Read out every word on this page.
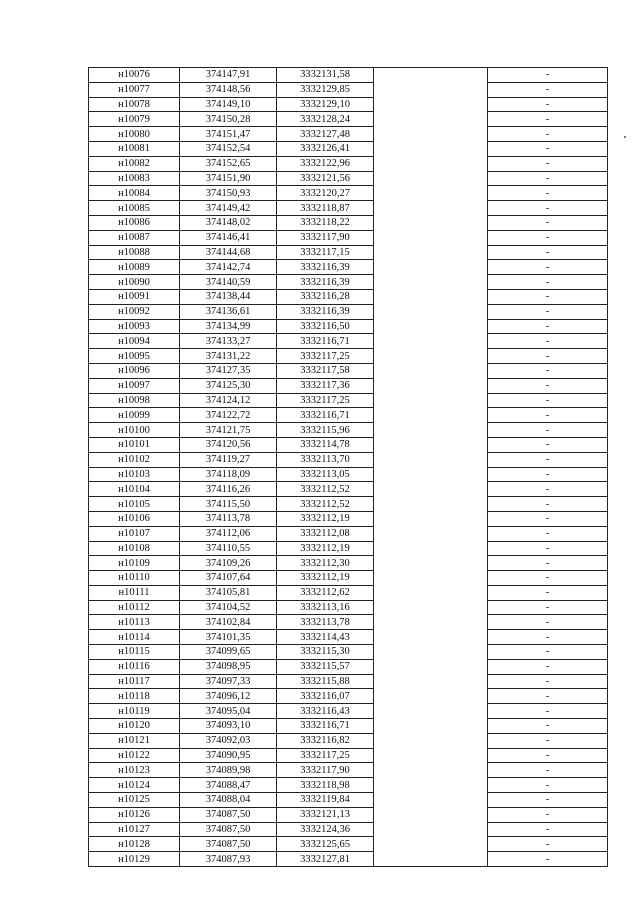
н10076	374147,91	3332131,58		-
н10077	374148,56	3332129,85		-
н10078	374149,10	3332129,10		-
н10079	374150,28	3332128,24		-
н10080	374151,47	3332127,48		-
н10081	374152,54	3332126,41		-
н10082	374152,65	3332122,96		-
н10083	374151,90	3332121,56		-
н10084	374150,93	3332120,27		-
н10085	374149,42	3332118,87		-
н10086	374148,02	3332118,22		-
н10087	374146,41	3332117,90		-
н10088	374144,68	3332117,15		-
н10089	374142,74	3332116,39		-
н10090	374140,59	3332116,39		-
н10091	374138,44	3332116,28		-
н10092	374136,61	3332116,39		-
н10093	374134,99	3332116,50		-
н10094	374133,27	3332116,71		-
н10095	374131,22	3332117,25		-
н10096	374127,35	3332117,58		-
н10097	374125,30	3332117,36		-
н10098	374124,12	3332117,25		-
н10099	374122,72	3332116,71		-
н10100	374121,75	3332115,96		-
н10101	374120,56	3332114,78		-
н10102	374119,27	3332113,70		-
н10103	374118,09	3332113,05		-
н10104	374116,26	3332112,52		-
н10105	374115,50	3332112,52		-
н10106	374113,78	3332112,19		-
н10107	374112,06	3332112,08		-
н10108	374110,55	3332112,19		-
н10109	374109,26	3332112,30		-
н10110	374107,64	3332112,19		-
н10111	374105,81	3332112,62		-
н10112	374104,52	3332113,16		-
н10113	374102,84	3332113,78		-
н10114	374101,35	3332114,43		-
н10115	374099,65	3332115,30		-
н10116	374098,95	3332115,57		-
н10117	374097,33	3332115,88		-
н10118	374096,12	3332116,07		-
н10119	374095,04	3332116,43		-
н10120	374093,10	3332116,71		-
н10121	374092,03	3332116,82		-
н10122	374090,95	3332117,25		-
н10123	374089,98	3332117,90		-
н10124	374088,47	3332118,98		-
н10125	374088,04	3332119,84		-
н10126	374087,50	3332121,13		-
н10127	374087,50	3332124,36		-
н10128	374087,50	3332125,65		-
н10129	374087,93	3332127,81		-
